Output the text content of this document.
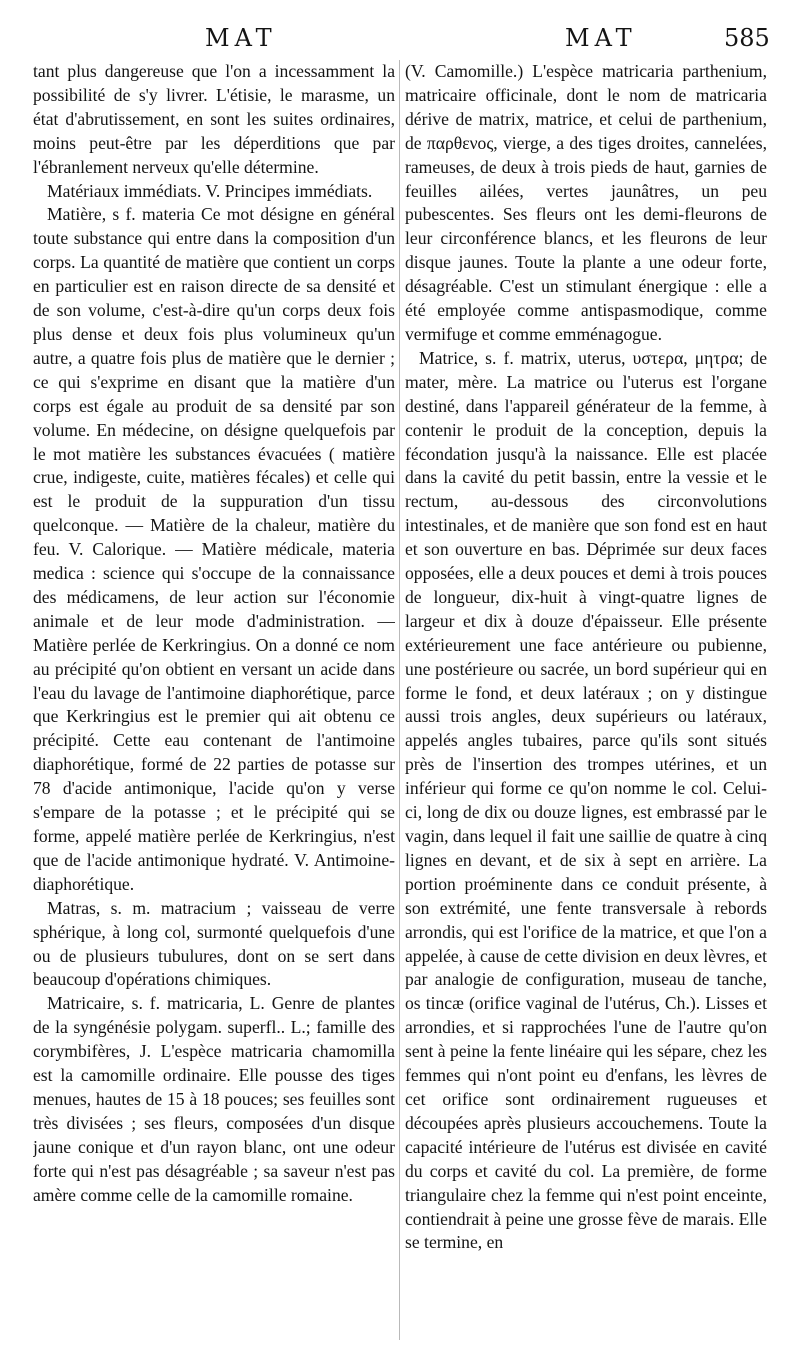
MAT	MAT	585

tant plus dangereuse que l'on a incessamment la possibilité de s'y livrer. L'étisie, le marasme, un état d'abrutissement, en sont les suites ordinaires, moins peut-être par les déperditions que par l'ébranlement nerveux qu'elle détermine.

Matériaux immédiats. V. Principes immédiats.

Matière, s f. materia Ce mot désigne en général toute substance qui entre dans la composition d'un corps. La quantité de matière que contient un corps en particulier est en raison directe de sa densité et de son volume, c'est-à-dire qu'un corps deux fois plus dense et deux fois plus volumineux qu'un autre, a quatre fois plus de matière que le dernier ; ce qui s'exprime en disant que la matière d'un corps est égale au produit de sa densité par son volume. En médecine, on désigne quelquefois par le mot matière les substances évacuées ( matière crue, indigeste, cuite, matières fécales) et celle qui est le produit de la suppuration d'un tissu quelconque. — Matière de la chaleur, matière du feu. V. Calorique. — Matière médicale, materia medica : science qui s'occupe de la connaissance des médicamens, de leur action sur l'économie animale et de leur mode d'administration. — Matière perlée de Kerkringius. On a donné ce nom au précipité qu'on obtient en versant un acide dans l'eau du lavage de l'antimoine diaphorétique, parce que Kerkringius est le premier qui ait obtenu ce précipité. Cette eau contenant de l'antimoine diaphorétique, formé de 22 parties de potasse sur 78 d'acide antimonique, l'acide qu'on y verse s'empare de la potasse ; et le précipité qui se forme, appelé matière perlée de Kerkringius, n'est que de l'acide antimonique hydraté. V. Antimoine-diaphorétique.

Matras, s. m. matracium ; vaisseau de verre sphérique, à long col, surmonté quelquefois d'une ou de plusieurs tubulures, dont on se sert dans beaucoup d'opérations chimiques.

Matricaire, s. f. matricaria, L. Genre de plantes de la syngénésie polygam. superfl.. L.; famille des corymbifères, J. L'espèce matricaria chamomilla est la camomille ordinaire. Elle pousse des tiges menues, hautes de 15 à 18 pouces; ses feuilles sont très divisées ; ses fleurs, composées d'un disque jaune conique et d'un rayon blanc, ont une odeur forte qui n'est pas désagréable ; sa saveur n'est pas amère comme celle de la camomille romaine.

(V. Camomille.) L'espèce matricaria parthenium, matricaire officinale, dont le nom de matricaria dérive de matrix, matrice, et celui de parthenium, de παρθενος, vierge, a des tiges droites, cannelées, rameuses, de deux à trois pieds de haut, garnies de feuilles ailées, vertes jaunâtres, un peu pubescentes. Ses fleurs ont les demi-fleurons de leur circonférence blancs, et les fleurons de leur disque jaunes. Toute la plante a une odeur forte, désagréable. C'est un stimulant énergique : elle a été employée comme antispasmodique, comme vermifuge et comme emménagogue.

Matrice, s. f. matrix, uterus, υστερα, μητρα; de mater, mère. La matrice ou l'uterus est l'organe destiné, dans l'appareil générateur de la femme, à contenir le produit de la conception, depuis la fécondation jusqu'à la naissance. Elle est placée dans la cavité du petit bassin, entre la vessie et le rectum, au-dessous des circonvolutions intestinales, et de manière que son fond est en haut et son ouverture en bas. Déprimée sur deux faces opposées, elle a deux pouces et demi à trois pouces de longueur, dix-huit à vingt-quatre lignes de largeur et dix à douze d'épaisseur. Elle présente extérieurement une face antérieure ou pubienne, une postérieure ou sacrée, un bord supérieur qui en forme le fond, et deux latéraux ; on y distingue aussi trois angles, deux supérieurs ou latéraux, appelés angles tubaires, parce qu'ils sont situés près de l'insertion des trompes utérines, et un inférieur qui forme ce qu'on nomme le col. Celui-ci, long de dix ou douze lignes, est embrassé par le vagin, dans lequel il fait une saillie de quatre à cinq lignes en devant, et de six à sept en arrière. La portion proéminente dans ce conduit présente, à son extrémité, une fente transversale à rebords arrondis, qui est l'orifice de la matrice, et que l'on a appelée, à cause de cette division en deux lèvres, et par analogie de configuration, museau de tanche, os tincæ (orifice vaginal de l'utérus, Ch.). Lisses et arrondies, et si rapprochées l'une de l'autre qu'on sent à peine la fente linéaire qui les sépare, chez les femmes qui n'ont point eu d'enfans, les lèvres de cet orifice sont ordinairement rugueuses et découpées après plusieurs accouchemens. Toute la capacité intérieure de l'utérus est divisée en cavité du corps et cavité du col. La première, de forme triangulaire chez la femme qui n'est point enceinte, contiendrait à peine une grosse fève de marais. Elle se termine, en
